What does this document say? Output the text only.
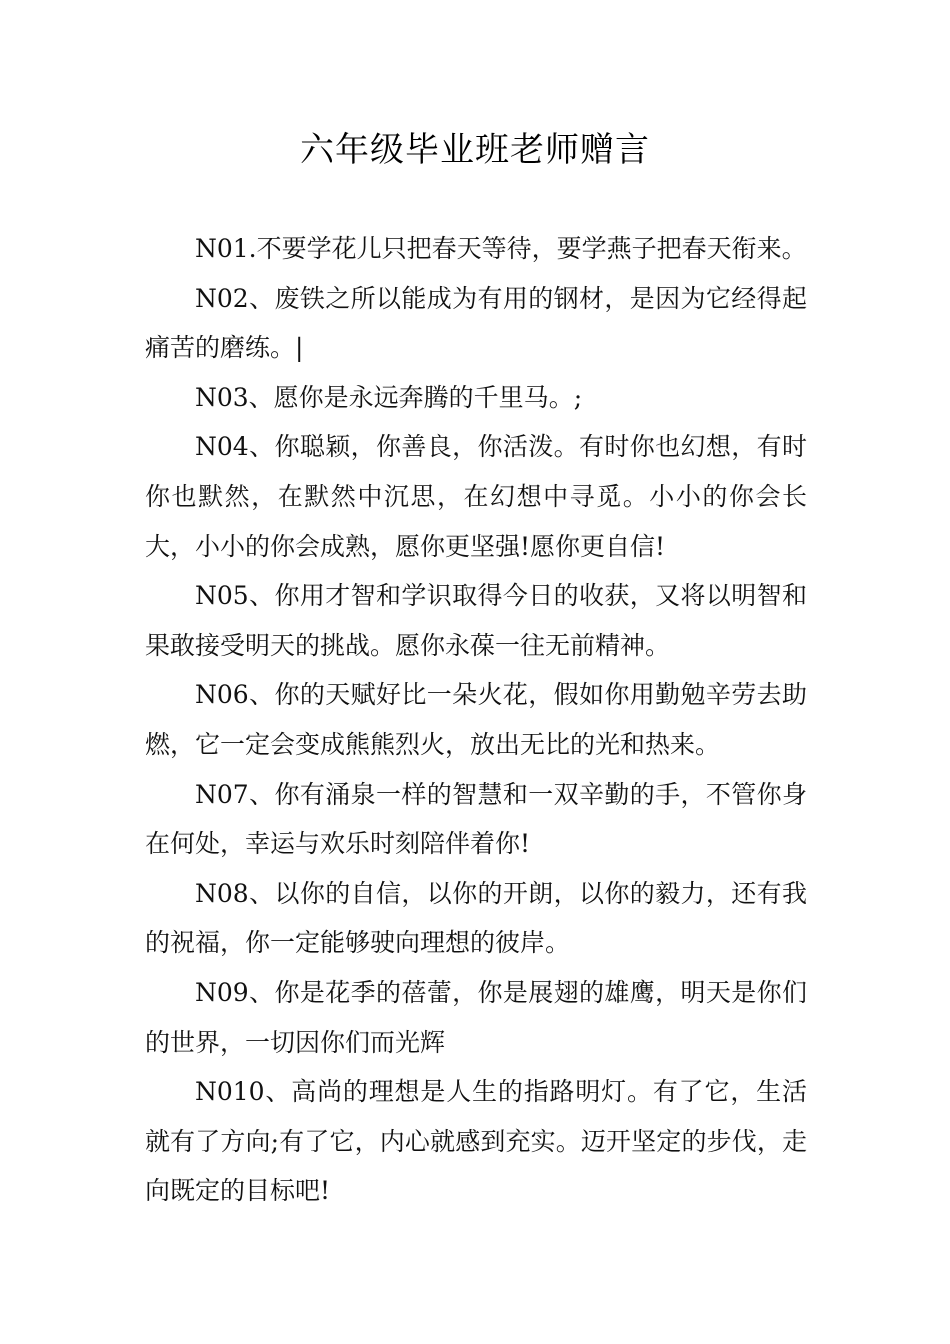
六年级毕业班老师赠言

N01.不要学花儿只把春天等待，要学燕子把春天衔来。

N02、废铁之所以能成为有用的钢材，是因为它经得起痛苦的磨练。|

N03、愿你是永远奔腾的千里马。;

N04、你聪颖，你善良，你活泼。有时你也幻想，有时你也默然，在默然中沉思，在幻想中寻觅。小小的你会长大，小小的你会成熟，愿你更坚强!愿你更自信!

N05、你用才智和学识取得今日的收获，又将以明智和果敢接受明天的挑战。愿你永葆一往无前精神。

N06、你的天赋好比一朵火花，假如你用勤勉辛劳去助燃，它一定会变成熊熊烈火，放出无比的光和热来。

N07、你有涌泉一样的智慧和一双辛勤的手，不管你身在何处，幸运与欢乐时刻陪伴着你!

N08、以你的自信，以你的开朗，以你的毅力，还有我的祝福，你一定能够驶向理想的彼岸。

N09、你是花季的蓓蕾，你是展翅的雄鹰，明天是你们的世界，一切因你们而光辉

N010、高尚的理想是人生的指路明灯。有了它，生活就有了方向;有了它，内心就感到充实。迈开坚定的步伐，走向既定的目标吧!
